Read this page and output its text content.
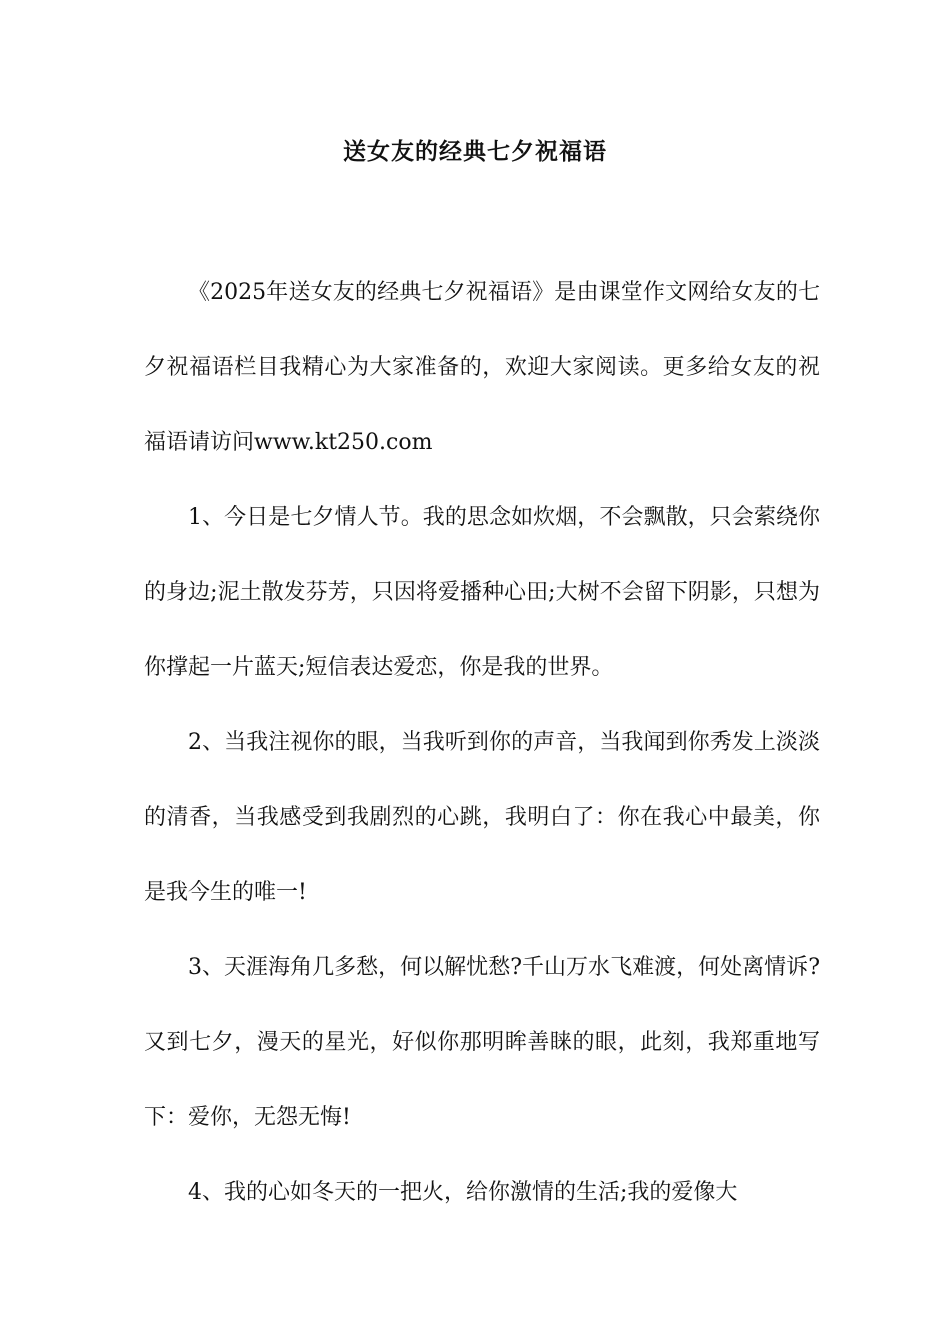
送女友的经典七夕祝福语

《2025年送女友的经典七夕祝福语》是由课堂作文网给女友的七夕祝福语栏目我精心为大家准备的，欢迎大家阅读。更多给女友的祝福语请访问www.kt250.com

1、今日是七夕情人节。我的思念如炊烟，不会飘散，只会萦绕你的身边;泥土散发芬芳，只因将爱播种心田;大树不会留下阴影，只想为你撑起一片蓝天;短信表达爱恋，你是我的世界。

2、当我注视你的眼，当我听到你的声音，当我闻到你秀发上淡淡的清香，当我感受到我剧烈的心跳，我明白了：你在我心中最美，你是我今生的唯一!

3、天涯海角几多愁，何以解忧愁?千山万水飞难渡，何处离情诉?又到七夕，漫天的星光，好似你那明眸善睐的眼，此刻，我郑重地写下：爱你，无怨无悔!

4、我的心如冬天的一把火，给你激情的生活;我的爱像大
